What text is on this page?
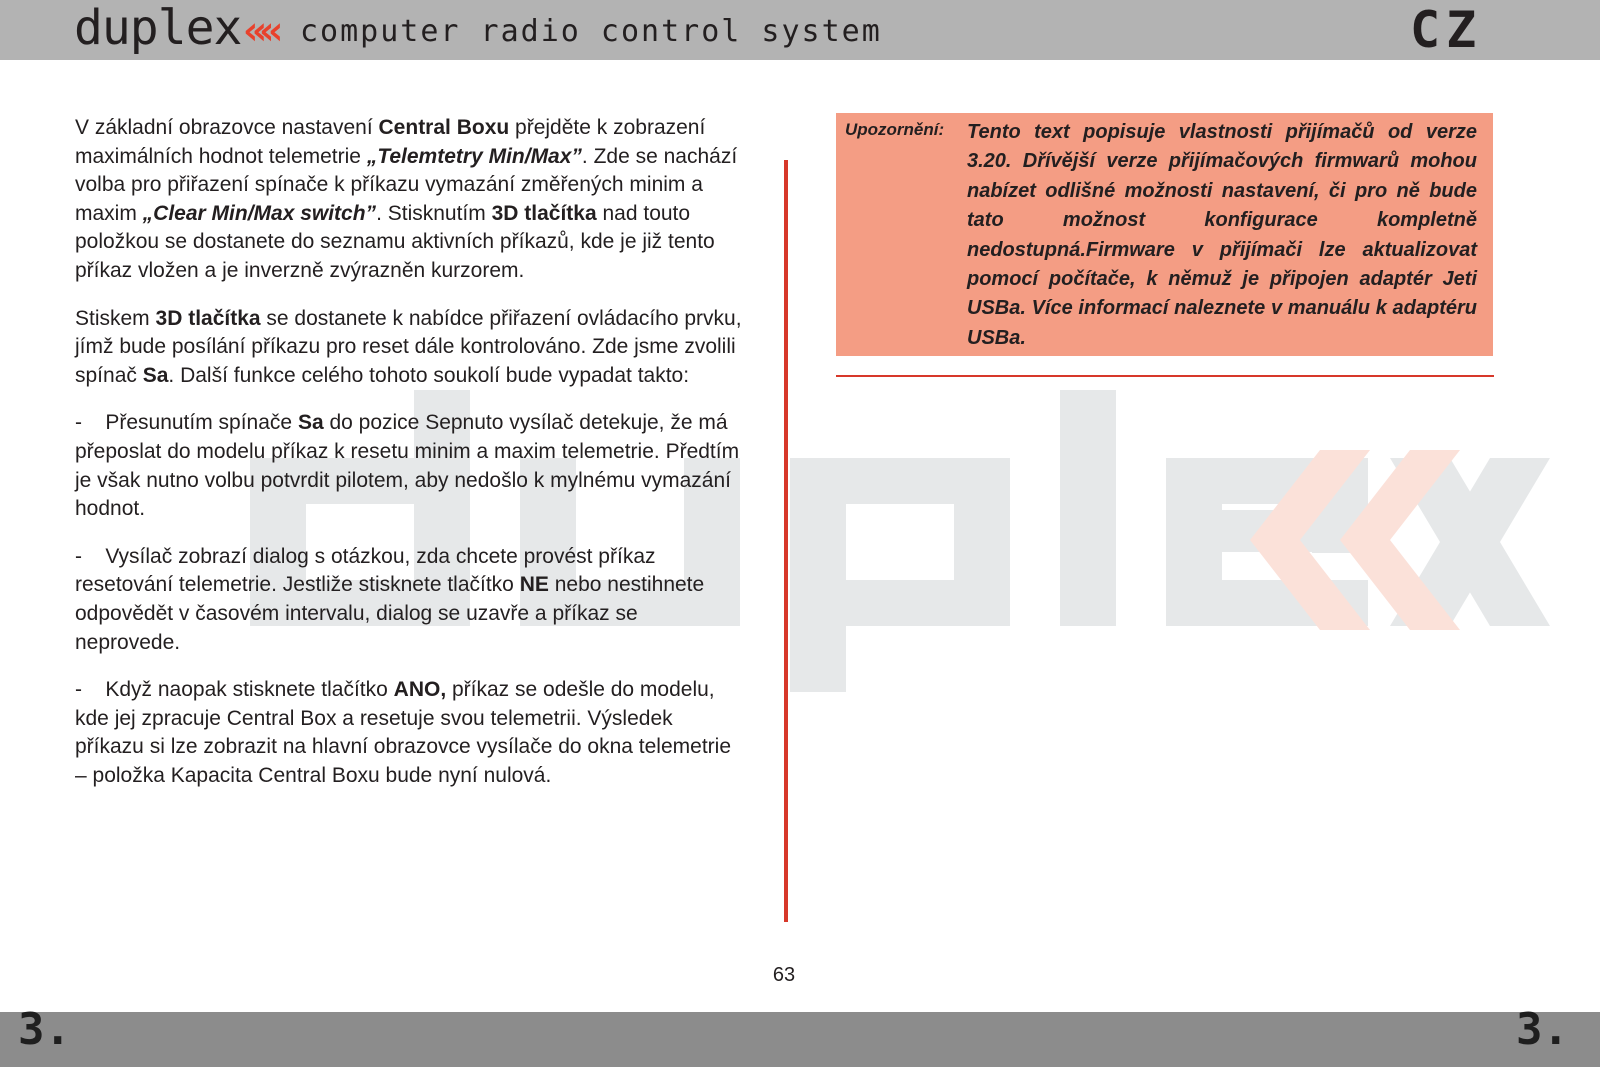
duplex«« computer radio control system	CZ

V základní obrazovce nastavení Central Boxu přejděte k zobrazení maximálních hodnot telemetrie „Telemtetry Min/Max”. Zde se nachází volba pro přiřazení spínače k příkazu vymazání změřených minim a maxim „Clear Min/Max switch”. Stisknutím 3D tlačítka nad touto položkou se dostanete do seznamu aktivních příkazů, kde je již tento příkaz vložen a je inverzně zvýrazněn kurzorem.

Stiskem 3D tlačítka se dostanete k nabídce přiřazení ovládacího prvku, jímž bude posílání příkazu pro reset dále kontrolováno. Zde jsme zvolili spínač Sa. Další funkce celého tohoto soukolí bude vypadat takto:

-    Přesunutím spínače Sa do pozice Sepnuto vysílač detekuje, že má přeposlat do modelu příkaz k resetu minim a maxim telemetrie. Předtím je však nutno volbu potvrdit pilotem, aby nedošlo k mylnému vymazání hodnot.

-    Vysílač zobrazí dialog s otázkou, zda chcete provést příkaz resetování telemetrie. Jestliže stisknete tlačítko NE nebo nestihnete odpovědět v časovém intervalu, dialog se uzavře a příkaz se neprovede.

-    Když naopak stisknete tlačítko ANO, příkaz se odešle do modelu, kde jej zpracuje Central Box a resetuje svou telemetrii. Výsledek příkazu si lze zobrazit na hlavní obrazovce vysílače do okna telemetrie – položka Kapacita Central Boxu bude nyní nulová.

Upozornění: Tento text popisuje vlastnosti přijímačů od verze 3.20. Dřívější verze přijímačových firmwarů mohou nabízet odlišné možnosti nastavení, či pro ně bude tato možnost konfigurace kompletně nedostupná.Firmware v přijímači lze aktualizovat pomocí počítače, k němuž je připojen adaptér Jeti USBa. Více informací naleznete v manuálu k adaptéru USBa.
63
3.	3.
